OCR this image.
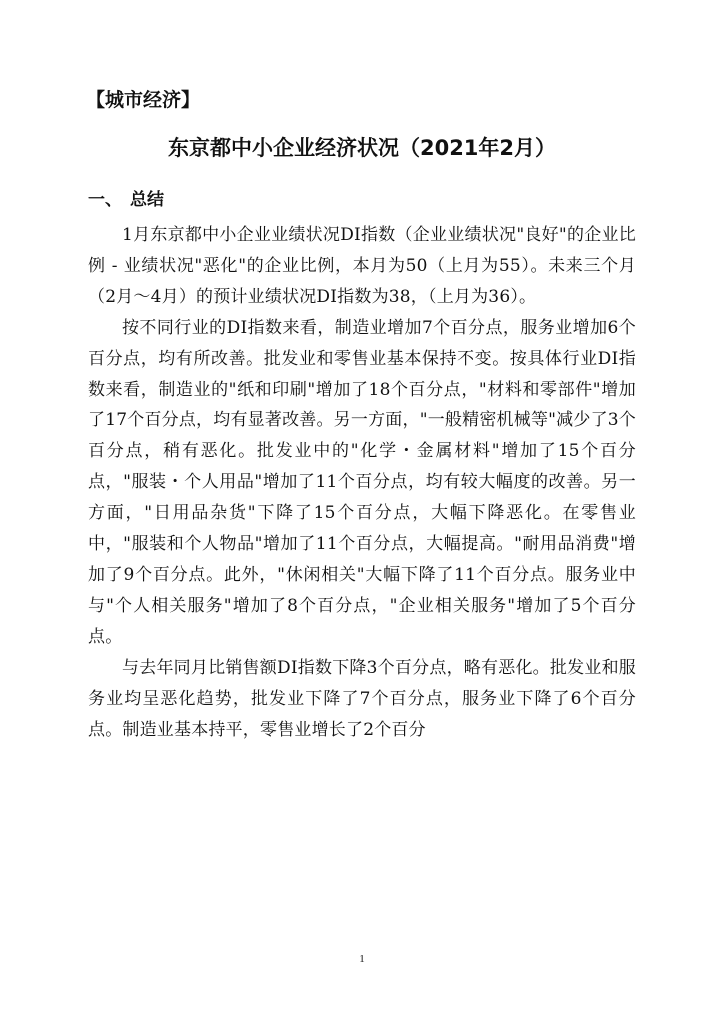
【城市经济】
东京都中小企业经济状况（2021年2月）
一、 总结

1月东京都中小企业业绩状况DI指数（企业业绩状况"良好"的企业比例 - 业绩状况"恶化"的企业比例，本月为50（上月为55）。未来三个月 （2月～4月）的预计业绩状况DI指数为38，（上月为36）。

按不同行业的DI指数来看，制造业增加7个百分点，服务业增加6个百分点，均有所改善。批发业和零售业基本保持不变。按具体行业DI指数来看，制造业的"纸和印刷"增加了18个百分点，"材料和零部件"增加了17个百分点，均有显著改善。另一方面，"一般精密机械等"减少了3个百分点，稍有恶化。批发业中的"化学・金属材料"增加了15个百分点，"服装・个人用品"增加了11个百分点，均有较大幅度的改善。另一方面，"日用品杂货"下降了15个百分点，大幅下降恶化。在零售业中，"服装和个人物品"增加了11个百分点，大幅提高。"耐用品消费"增加了9个百分点。此外，"休闲相关"大幅下降了11个百分点。服务业中与"个人相关服务"增加了8个百分点，"企业相关服务"增加了5个百分点。

与去年同月比销售额DI指数下降3个百分点，略有恶化。批发业和服务业均呈恶化趋势，批发业下降了7个百分点，服务业下降了6个百分点。制造业基本持平，零售业增长了2个百分

1
